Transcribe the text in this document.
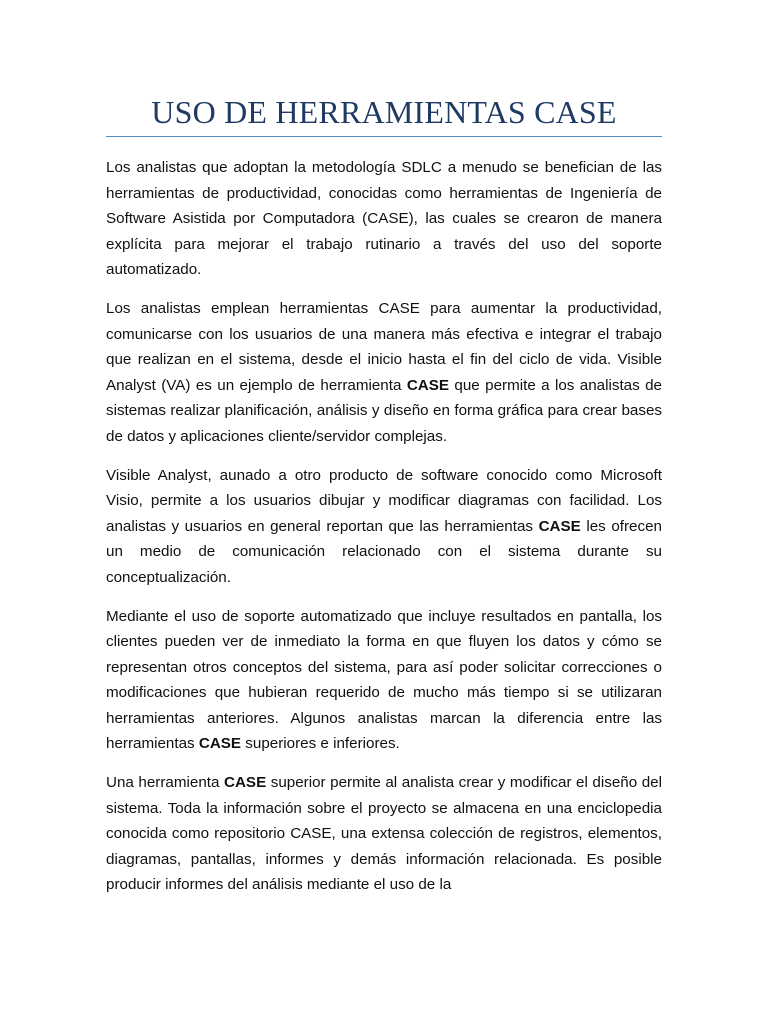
USO DE HERRAMIENTAS CASE

Los analistas que adoptan la metodología SDLC a menudo se benefician de las herramientas de productividad, conocidas como herramientas de Ingeniería de Software Asistida por Computadora (CASE), las cuales se crearon de manera explícita para mejorar el trabajo rutinario a través del uso del soporte automatizado.

Los analistas emplean herramientas CASE para aumentar la productividad, comunicarse con los usuarios de una manera más efectiva e integrar el trabajo que realizan en el sistema, desde el inicio hasta el fin del ciclo de vida. Visible Analyst (VA) es un ejemplo de herramienta CASE que permite a los analistas de sistemas realizar planificación, análisis y diseño en forma gráfica para crear bases de datos y aplicaciones cliente/servidor complejas.

Visible Analyst, aunado a otro producto de software conocido como Microsoft Visio, permite a los usuarios dibujar y modificar diagramas con facilidad. Los analistas y usuarios en general reportan que las herramientas CASE les ofrecen un medio de comunicación relacionado con el sistema durante su conceptualización.

Mediante el uso de soporte automatizado que incluye resultados en pantalla, los clientes pueden ver de inmediato la forma en que fluyen los datos y cómo se representan otros conceptos del sistema, para así poder solicitar correcciones o modificaciones que hubieran requerido de mucho más tiempo si se utilizaran herramientas anteriores. Algunos analistas marcan la diferencia entre las herramientas CASE superiores e inferiores.

Una herramienta CASE superior permite al analista crear y modificar el diseño del sistema. Toda la información sobre el proyecto se almacena en una enciclopedia conocida como repositorio CASE, una extensa colección de registros, elementos, diagramas, pantallas, informes y demás información relacionada. Es posible producir informes del análisis mediante el uso de la
